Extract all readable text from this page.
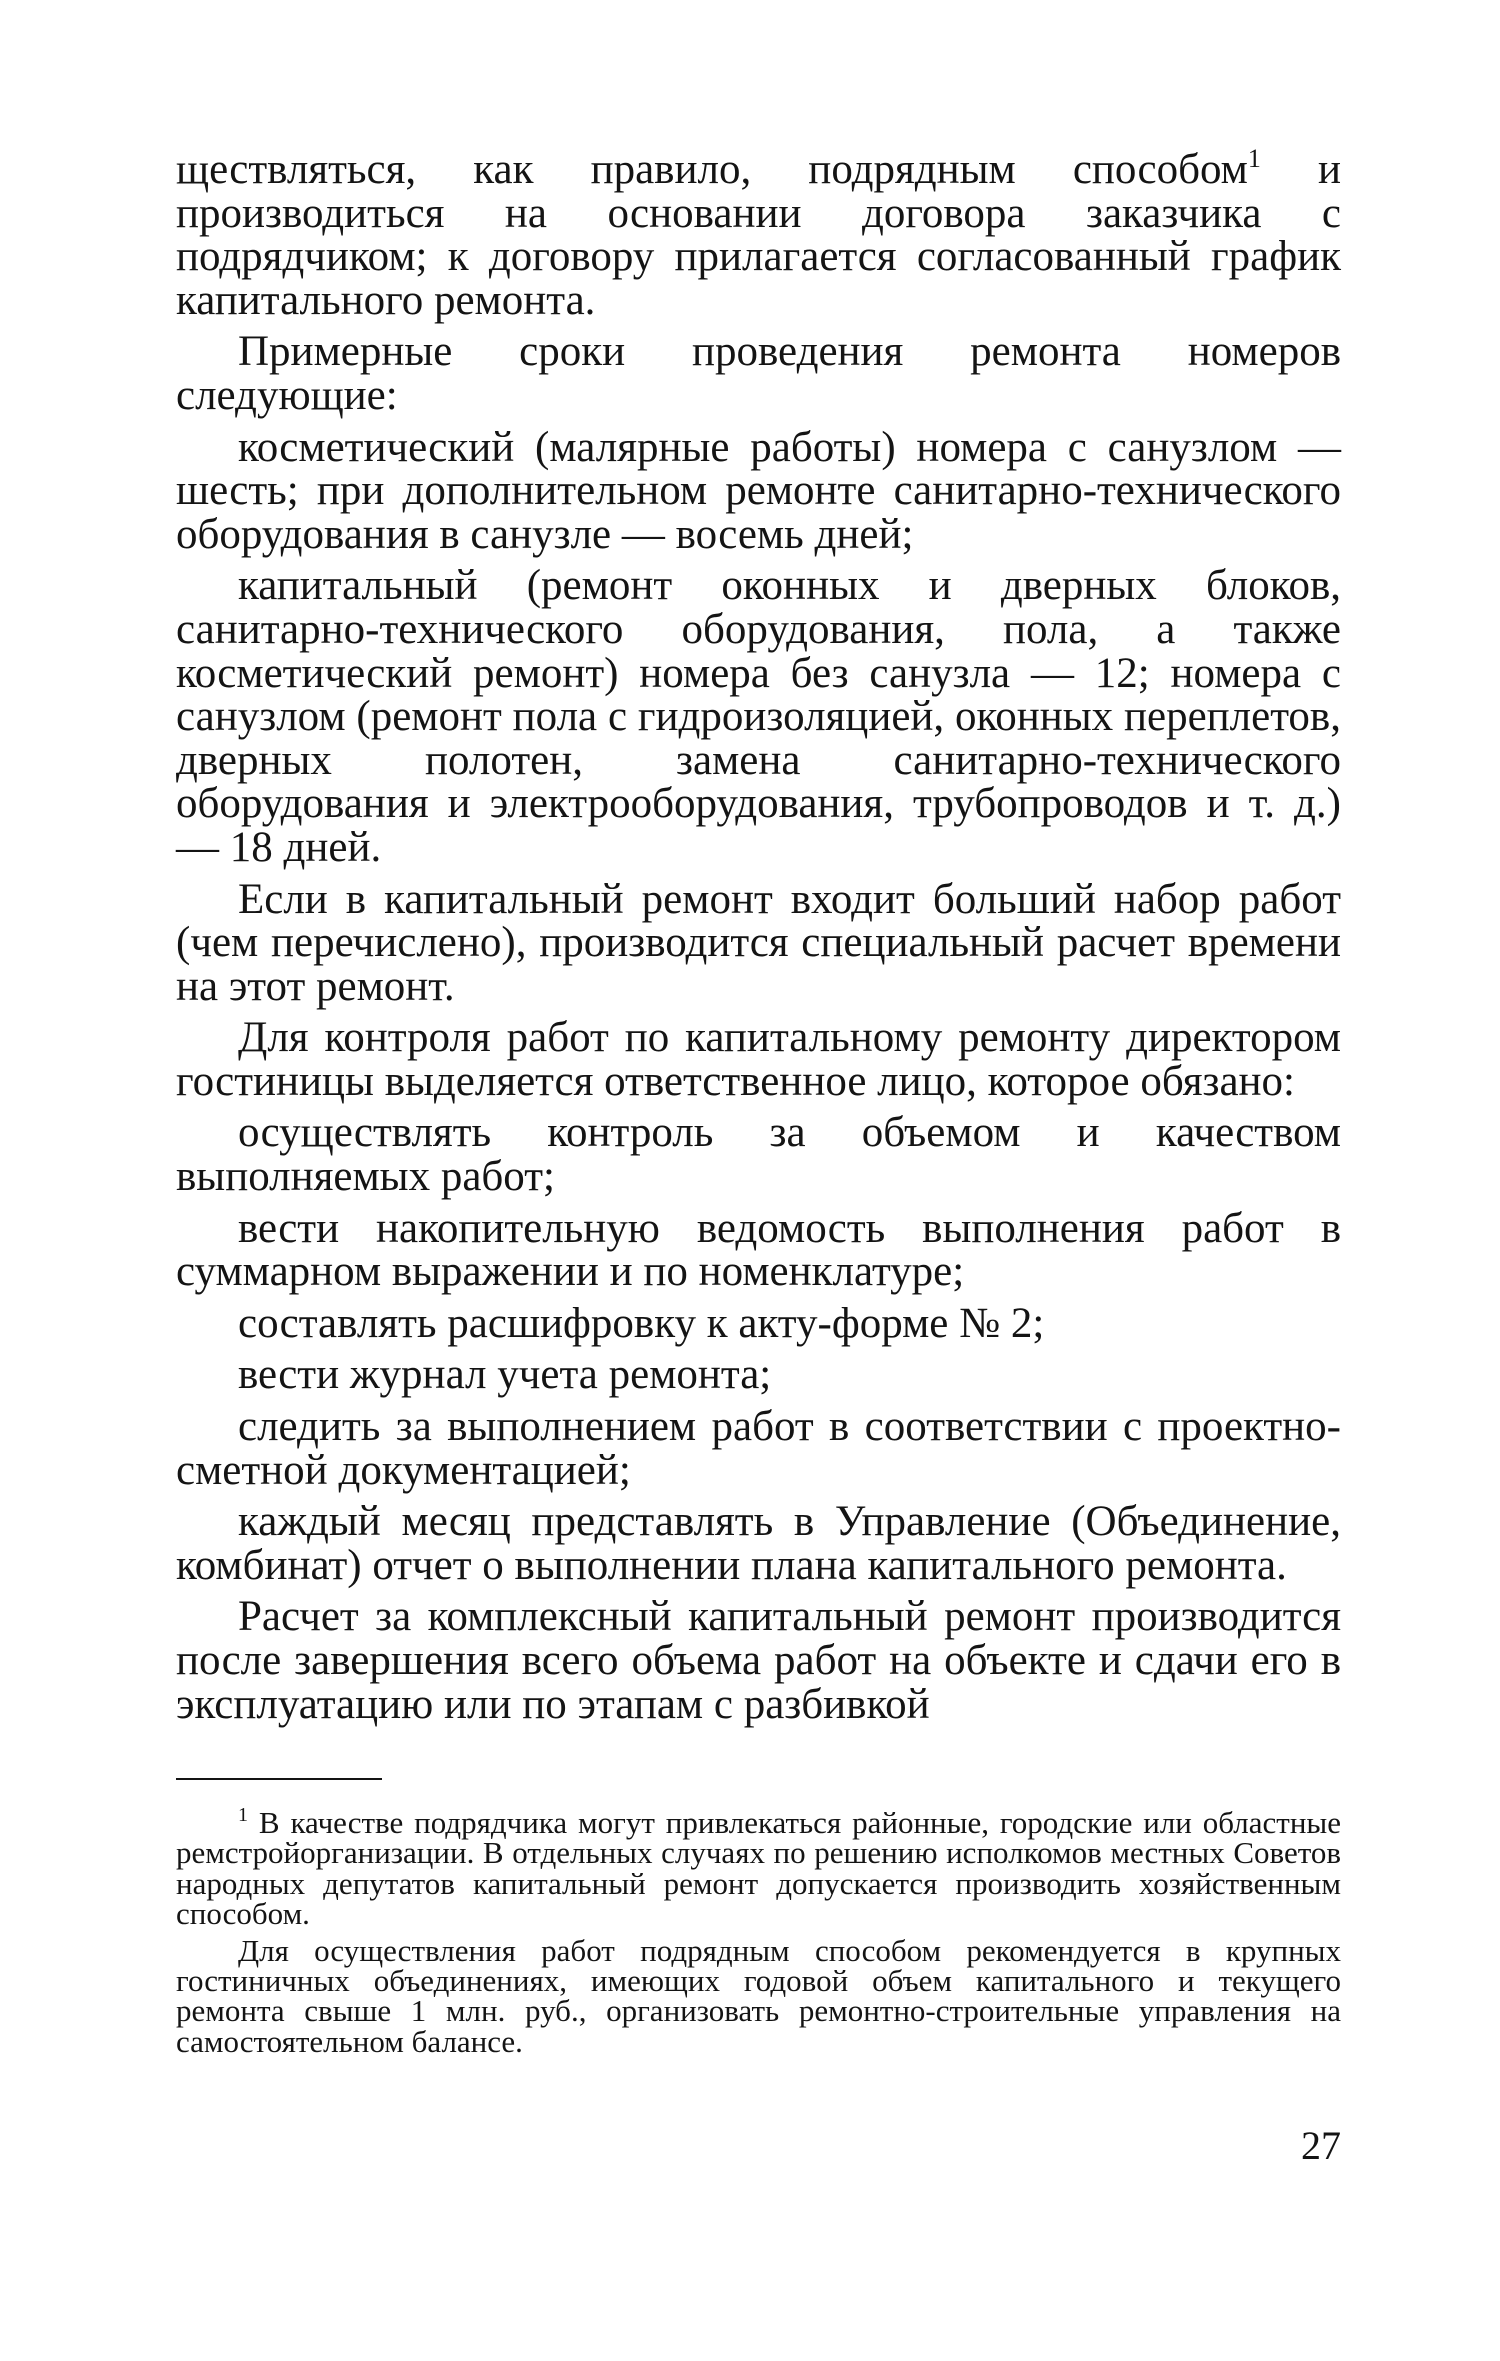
ществляться, как правило, подрядным способом$^1$ и производиться на основании договора заказчика с подрядчиком; к договору прилагается согласованный график капитального ремонта.

Примерные сроки проведения ремонта номеров следующие:

косметический (малярные работы) номера с санузлом — шесть; при дополнительном ремонте санитарно-технического оборудования в санузле — восемь дней;

капитальный (ремонт оконных и дверных блоков, санитарно-технического оборудования, пола, а также косметический ремонт) номера без санузла — 12; номера с санузлом (ремонт пола с гидроизоляцией, оконных переплетов, дверных полотен, замена санитарно-технического оборудования и электрооборудования, трубопроводов и т. д.) — 18 дней.

Если в капитальный ремонт входит больший набор работ (чем перечислено), производится специальный расчет времени на этот ремонт.

Для контроля работ по капитальному ремонту директором гостиницы выделяется ответственное лицо, которое обязано:

осуществлять контроль за объемом и качеством выполняемых работ;

вести накопительную ведомость выполнения работ в суммарном выражении и по номенклатуре;

составлять расшифровку к акту-форме № 2;

вести журнал учета ремонта;

следить за выполнением работ в соответствии с проектно-сметной документацией;

каждый месяц представлять в Управление (Объединение, комбинат) отчет о выполнении плана капитального ремонта.

Расчет за комплексный капитальный ремонт производится после завершения всего объема работ на объекте и сдачи его в эксплуатацию или по этапам с разбивкой

$^1$ В качестве подрядчика могут привлекаться районные, городские или областные ремстройорганизации. В отдельных случаях по решению исполкомов местных Советов народных депутатов капитальный ремонт допускается производить хозяйственным способом.

Для осуществления работ подрядным способом рекомендуется в крупных гостиничных объединениях, имеющих годовой объем капитального и текущего ремонта свыше 1 млн. руб., организовать ремонтно-строительные управления на самостоятельном балансе.

27
